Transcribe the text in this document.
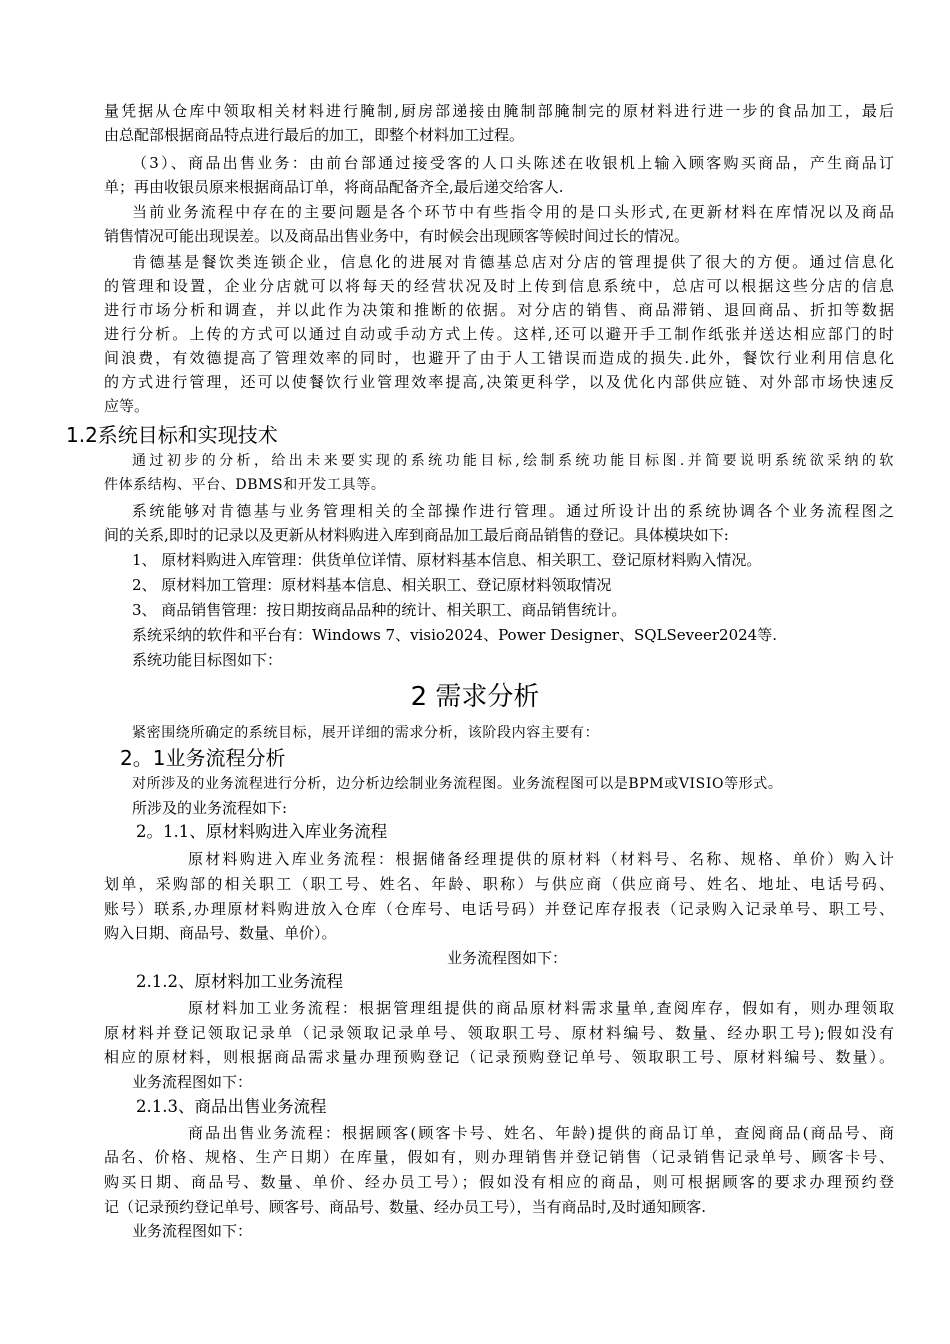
量凭据从仓库中领取相关材料进行腌制,厨房部递接由腌制部腌制完的原材料进行进一步的食品加工，最后
由总配部根据商品特点进行最后的加工，即整个材料加工过程。
（3）、商品出售业务：由前台部通过接受客的人口头陈述在收银机上输入顾客购买商品，产生商品订
单；再由收银员原来根据商品订单，将商品配备齐全,最后递交给客人.
当前业务流程中存在的主要问题是各个环节中有些指令用的是口头形式,在更新材料在库情况以及商品
销售情况可能出现误差。以及商品出售业务中，有时候会出现顾客等候时间过长的情况。
肯德基是餐饮类连锁企业，信息化的进展对肯德基总店对分店的管理提供了很大的方便。通过信息化
的管理和设置，企业分店就可以将每天的经营状况及时上传到信息系统中，总店可以根据这些分店的信息
进行市场分析和调查，并以此作为决策和推断的依据。对分店的销售、商品滞销、退回商品、折扣等数据
进行分析。上传的方式可以通过自动或手动方式上传。这样,还可以避开手工制作纸张并送达相应部门的时
间浪费，有效德提高了管理效率的同时，也避开了由于人工错误而造成的损失.此外，餐饮行业利用信息化
的方式进行管理，还可以使餐饮行业管理效率提高,决策更科学，以及优化内部供应链、对外部市场快速反
应等。
1.2系统目标和实现技术
通过初步的分析，给出未来要实现的系统功能目标,绘制系统功能目标图.并简要说明系统欲采纳的软
件体系结构、平台、DBMS和开发工具等。
系统能够对肯德基与业务管理相关的全部操作进行管理。通过所设计出的系统协调各个业务流程图之
间的关系,即时的记录以及更新从材料购进入库到商品加工最后商品销售的登记。具体模块如下:
1、 原材料购进入库管理：供货单位详情、原材料基本信息、相关职工、登记原材料购入情况。
2、 原材料加工管理：原材料基本信息、相关职工、登记原材料领取情况
3、 商品销售管理：按日期按商品品种的统计、相关职工、商品销售统计。
系统采纳的软件和平台有：Windows 7、visio2024、Power Designer、SQLSeveer2024等.
系统功能目标图如下：
2 需求分析
紧密围绕所确定的系统目标，展开详细的需求分析，该阶段内容主要有：
2。1业务流程分析
对所涉及的业务流程进行分析，边分析边绘制业务流程图。业务流程图可以是BPM或VISIO等形式。
所涉及的业务流程如下:
2。1.1、原材料购进入库业务流程
原材料购进入库业务流程：根据储备经理提供的原材料（材料号、名称、规格、单价）购入计
划单，采购部的相关职工（职工号、姓名、年龄、职称）与供应商（供应商号、姓名、地址、电话号码、
账号）联系,办理原材料购进放入仓库（仓库号、电话号码）并登记库存报表（记录购入记录单号、职工号、
购入日期、商品号、数量、单价）。
业务流程图如下：
2.1.2、原材料加工业务流程
原材料加工业务流程：根据管理组提供的商品原材料需求量单,查阅库存，假如有，则办理领取
原材料并登记领取记录单（记录领取记录单号、领取职工号、原材料编号、数量、经办职工号);假如没有
相应的原材料，则根据商品需求量办理预购登记（记录预购登记单号、领取职工号、原材料编号、数量）。
业务流程图如下：
2.1.3、商品出售业务流程
商品出售业务流程：根据顾客(顾客卡号、姓名、年龄)提供的商品订单，查阅商品(商品号、商
品名、价格、规格、生产日期）在库量，假如有，则办理销售并登记销售（记录销售记录单号、顾客卡号、
购买日期、商品号、数量、单价、经办员工号）；假如没有相应的商品，则可根据顾客的要求办理预约登
记（记录预约登记单号、顾客号、商品号、数量、经办员工号），当有商品时,及时通知顾客.
业务流程图如下：
